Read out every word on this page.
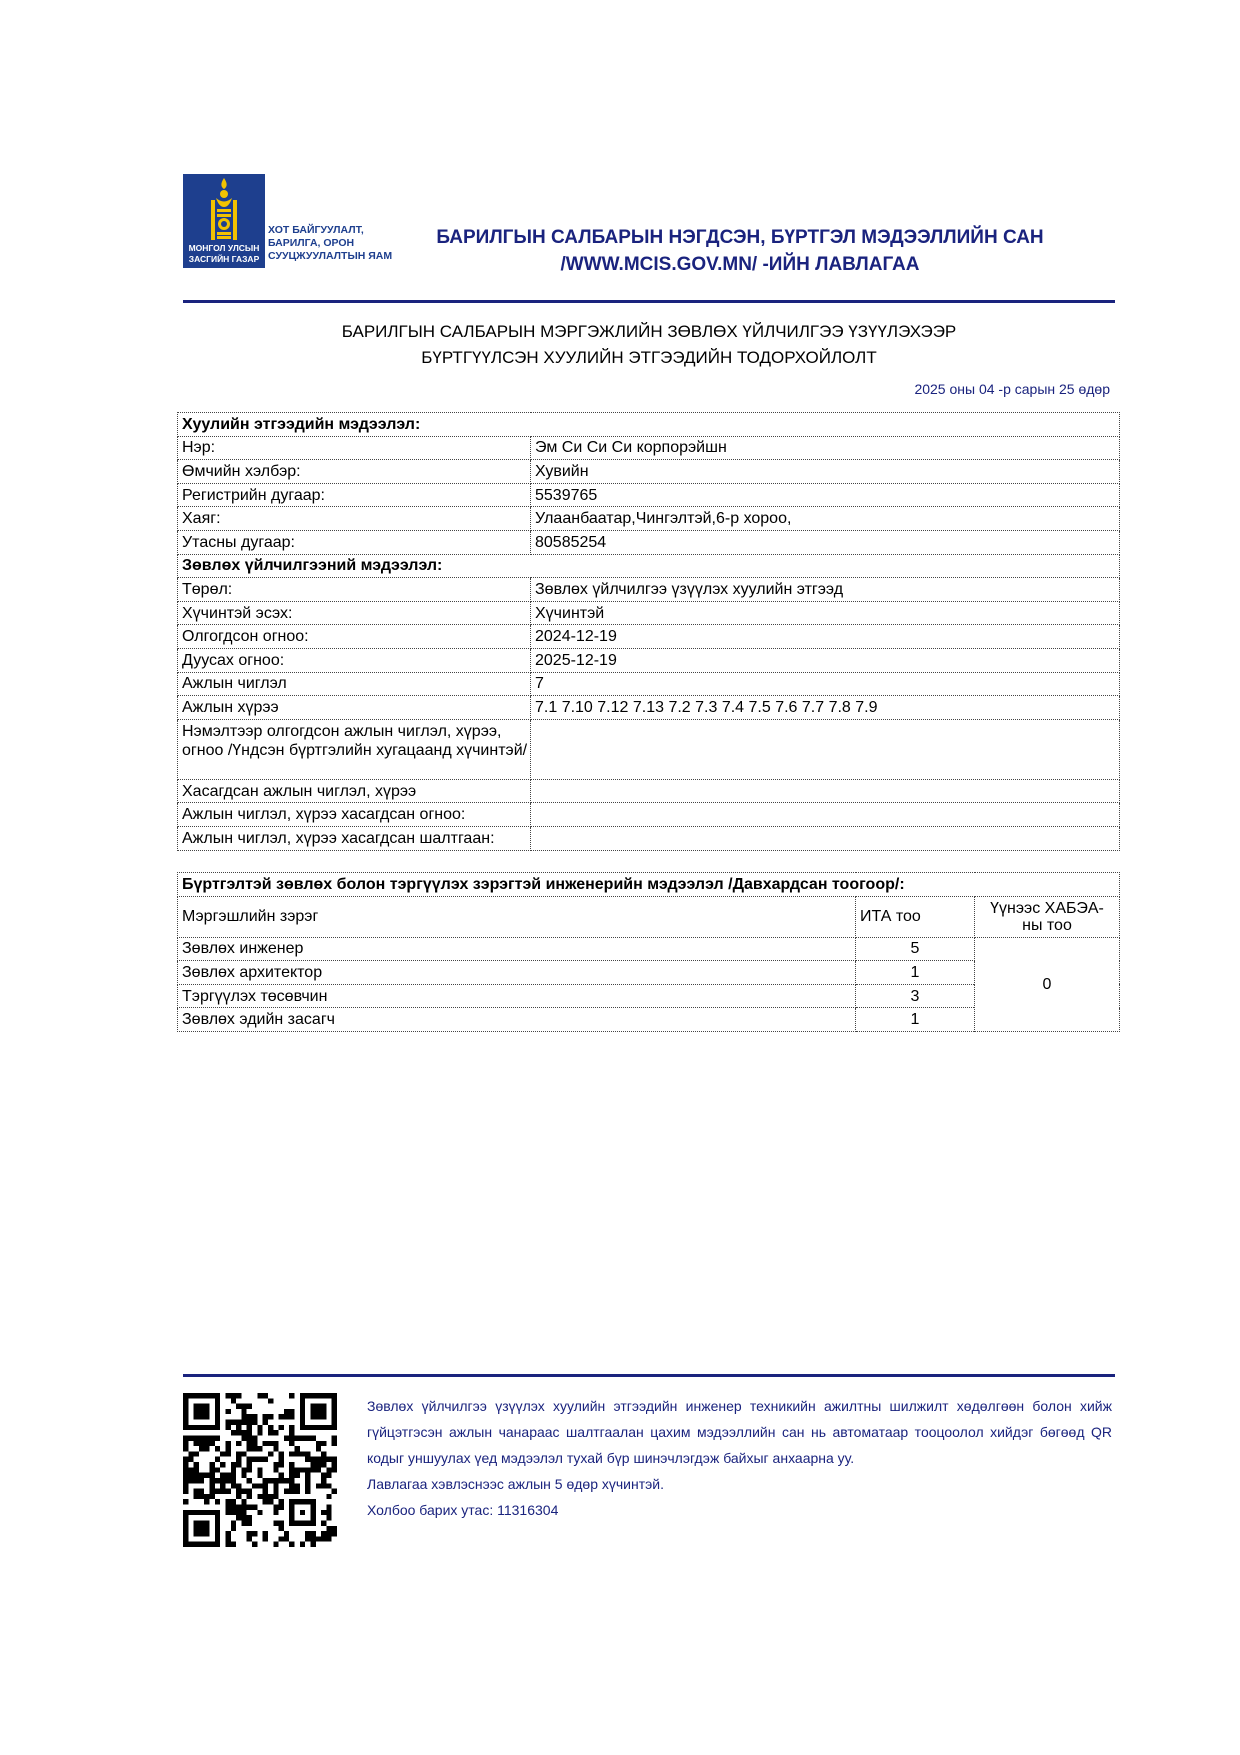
МОНГОЛ УЛСЫН
ЗАСГИЙН ГАЗАР
ХОТ БАЙГУУЛАЛТ,
БАРИЛГА, ОРОН
СУУЦЖУУЛАЛТЫН ЯАМ
БАРИЛГЫН САЛБАРЫН НЭГДСЭН, БҮРТГЭЛ МЭДЭЭЛЛИЙН САН
/WWW.MCIS.GOV.MN/ -ИЙН ЛАВЛАГАА
БАРИЛГЫН САЛБАРЫН МЭРГЭЖЛИЙН ЗӨВЛӨХ ҮЙЛЧИЛГЭЭ ҮЗҮҮЛЭХЭЭР
БҮРТГҮҮЛСЭН ХУУЛИЙН ЭТГЭЭДИЙН ТОДОРХОЙЛОЛТ
2025 оны 04 -р сарын 25 өдөр
Хуулийн этгээдийн мэдээлэл:	
Нэр:	Эм Си Си Си корпорэйшн
Өмчийн хэлбэр:	Хувийн
Регистрийн дугаар:	5539765
Хаяг:	Улаанбаатар,Чингэлтэй,6-р хороо,
Утасны дугаар:	80585254
Зөвлөх үйлчилгээний мэдээлэл:	
Төрөл:	Зөвлөх үйлчилгээ үзүүлэх хуулийн этгээд
Хүчинтэй эсэх:	Хүчинтэй
Олгогдсон огноо:	2024-12-19
Дуусах огноо:	2025-12-19
Ажлын чиглэл	7
Ажлын хүрээ	7.1 7.10 7.12 7.13 7.2 7.3 7.4 7.5 7.6 7.7 7.8 7.9
Нэмэлтээр олгогдсон ажлын чиглэл, хүрээ, огноо /Үндсэн бүртгэлийн хугацаанд хүчинтэй/	
Хасагдсан ажлын чиглэл, хүрээ	
Ажлын чиглэл, хүрээ хасагдсан огноо:	
Ажлын чиглэл, хүрээ хасагдсан шалтгаан:	
Бүртгэлтэй зөвлөх болон тэргүүлэх зэрэгтэй инженерийн мэдээлэл /Давхардсан тоогоор/:		
Мэргэшлийн зэрэг	ИТА тоо	Үүнээс ХАБЭА-
ны тоо
Зөвлөх инженер	5	0
Зөвлөх архитектор	1	
Тэргүүлэх төсөвчин	3	
Зөвлөх эдийн засагч	1	

Зөвлөх үйлчилгээ үзүүлэх хуулийн этгээдийн инженер техникийн ажилтны шилжилт хөдөлгөөн болон хийж гүйцэтгэсэн ажлын чанараас шалтгаалан цахим мэдээллийн сан нь автоматаар тооцоолол хийдэг бөгөөд QR кодыг уншуулах үед мэдээлэл тухай бүр шинэчлэгдэж байхыг анхаарна уу.

Лавлагаа хэвлэснээс ажлын 5 өдөр хүчинтэй.

Холбоо барих утас: 11316304
